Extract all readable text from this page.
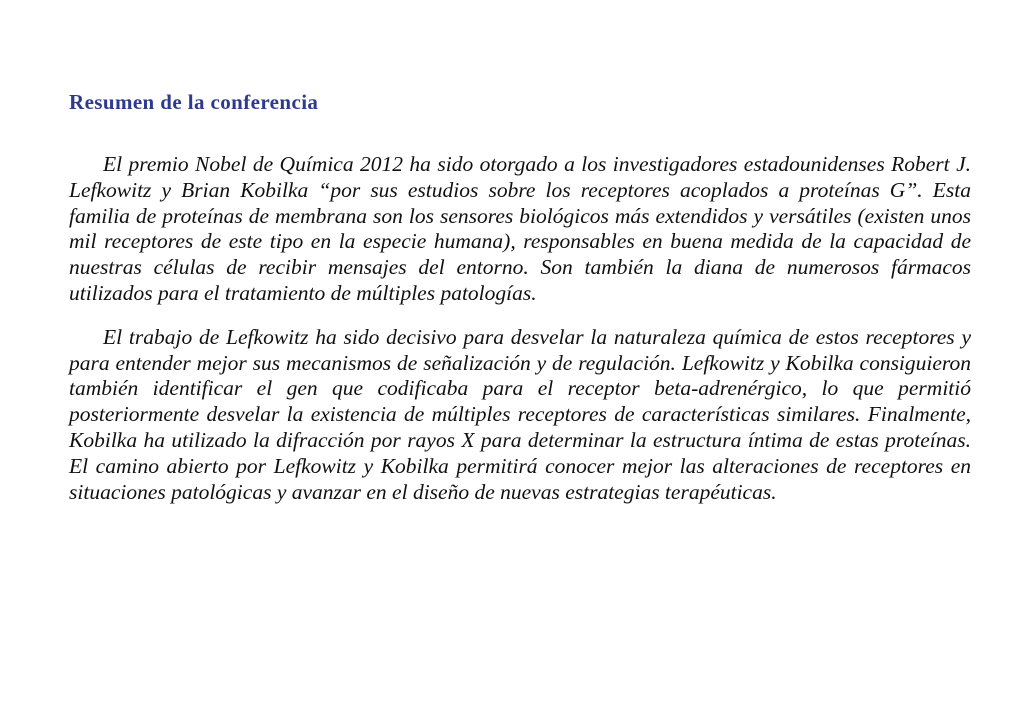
Resumen de la conferencia

El premio Nobel de Química 2012 ha sido otorgado a los investigadores estadounidenses Robert J. Lefkowitz y Brian Kobilka “por sus estudios sobre los receptores acoplados a proteínas G”. Esta familia de proteínas de membrana son los sensores biológicos más extendidos y versátiles (existen unos mil receptores de este tipo en la especie humana), responsables en buena medida de la capacidad de nuestras células de recibir mensajes del entorno. Son también la diana de numerosos fármacos utilizados para el tratamiento de múltiples patologías.

El trabajo de Lefkowitz ha sido decisivo para desvelar la naturaleza química de estos receptores y para entender mejor sus mecanismos de señalización y de regulación. Lefkowitz y Kobilka consiguieron también identificar el gen que codificaba para el receptor beta-adrenérgico, lo que permitió posteriormente desvelar la existencia de múltiples receptores de características similares. Finalmente, Kobilka ha utilizado la difracción por rayos X para determinar la estructura íntima de estas proteínas. El camino abierto por Lefkowitz y Kobilka permitirá conocer mejor las alteraciones de receptores en situaciones patológicas y avanzar en el diseño de nuevas estrategias terapéuticas.
